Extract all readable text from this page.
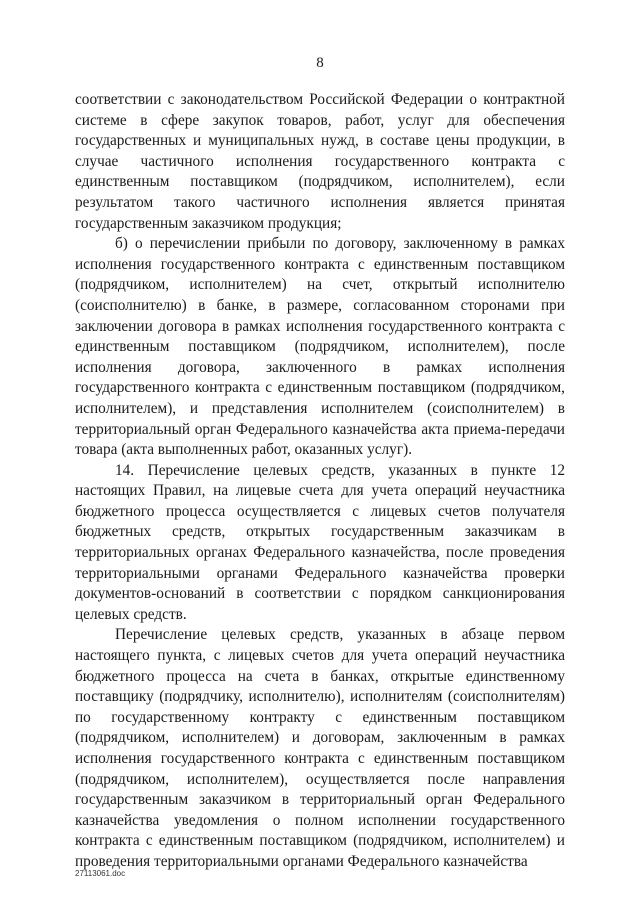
8

соответствии с законодательством Российской Федерации о контрактной системе в сфере закупок товаров, работ, услуг для обеспечения государственных и муниципальных нужд, в составе цены продукции, в случае частичного исполнения государственного контракта с единственным поставщиком (подрядчиком, исполнителем), если результатом такого частичного исполнения является принятая государственным заказчиком продукция;

б) о перечислении прибыли по договору, заключенному в рамках исполнения государственного контракта с единственным поставщиком (подрядчиком, исполнителем) на счет, открытый исполнителю (соисполнителю) в банке, в размере, согласованном сторонами при заключении договора в рамках исполнения государственного контракта с единственным поставщиком (подрядчиком, исполнителем), после исполнения договора, заключенного в рамках исполнения государственного контракта с единственным поставщиком (подрядчиком, исполнителем), и представления исполнителем (соисполнителем) в территориальный орган Федерального казначейства акта приема-передачи товара (акта выполненных работ, оказанных услуг).

14. Перечисление целевых средств, указанных в пункте 12 настоящих Правил, на лицевые счета для учета операций неучастника бюджетного процесса осуществляется с лицевых счетов получателя бюджетных средств, открытых государственным заказчикам в территориальных органах Федерального казначейства, после проведения территориальными органами Федерального казначейства проверки документов-оснований в соответствии с порядком санкционирования целевых средств.

Перечисление целевых средств, указанных в абзаце первом настоящего пункта, с лицевых счетов для учета операций неучастника бюджетного процесса на счета в банках, открытые единственному поставщику (подрядчику, исполнителю), исполнителям (соисполнителям) по государственному контракту с единственным поставщиком (подрядчиком, исполнителем) и договорам, заключенным в рамках исполнения государственного контракта с единственным поставщиком (подрядчиком, исполнителем), осуществляется после направления государственным заказчиком в территориальный орган Федерального казначейства уведомления о полном исполнении государственного контракта с единственным поставщиком (подрядчиком, исполнителем) и проведения территориальными органами Федерального казначейства

27113061.doc
